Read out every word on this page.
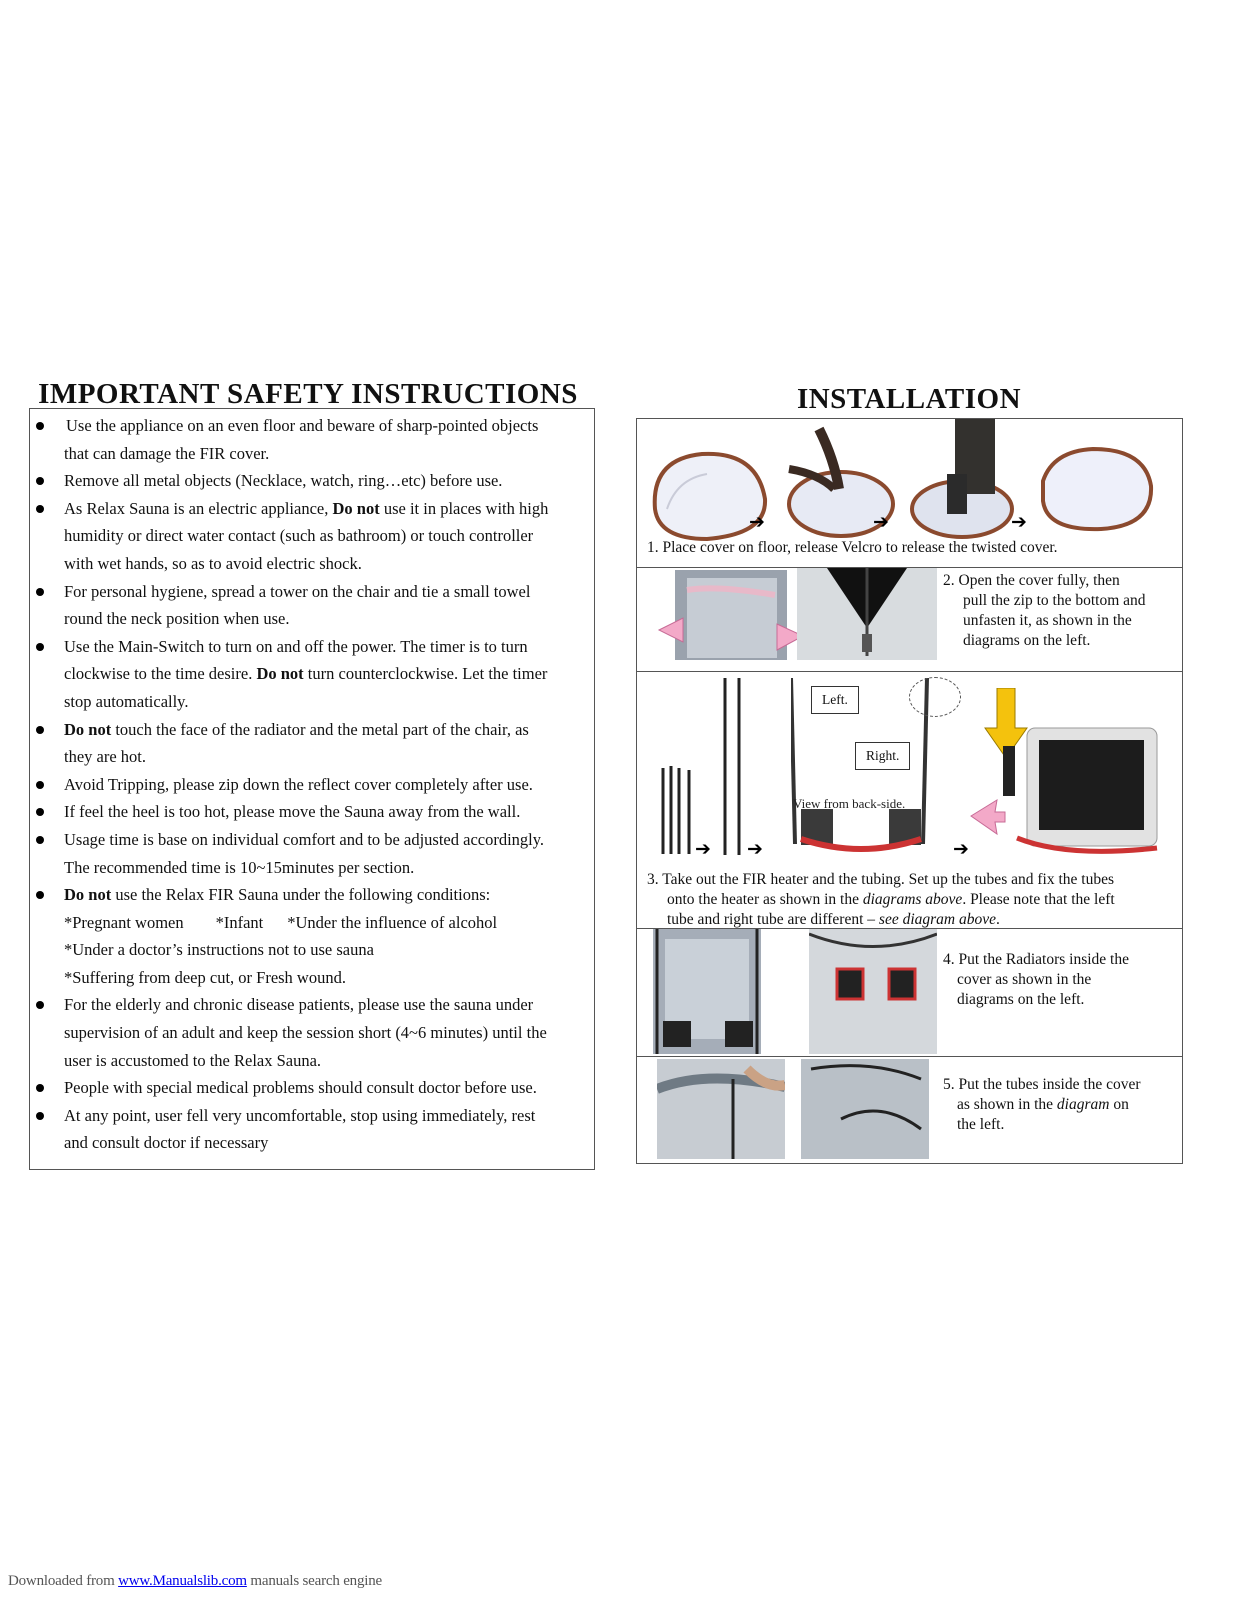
IMPORTANT SAFETY INSTRUCTIONS
Use the appliance on an even floor and beware of sharp-pointed objects
that can damage the FIR cover.
Remove all metal objects (Necklace, watch, ring…etc) before use.
As Relax Sauna is an electric appliance, Do not use it in places with high
humidity or direct water contact (such as bathroom) or touch controller
with wet hands, so as to avoid electric shock.
For personal hygiene, spread a tower on the chair and tie a small towel
round the neck position when use.
Use the Main-Switch to turn on and off the power. The timer is to turn
clockwise to the time desire. Do not turn counterclockwise. Let the timer
stop automatically.
Do not touch the face of the radiator and the metal part of the chair, as
they are hot.
Avoid Tripping, please zip down the reflect cover completely after use.
If feel the heel is too hot, please move the Sauna away from the wall.
Usage time is base on individual comfort and to be adjusted accordingly.
The recommended time is 10~15minutes per section.
Do not use the Relax FIR Sauna under the following conditions:
*Pregnant women *Infant *Under the influence of alcohol
*Under a doctor’s instructions not to use sauna
*Suffering from deep cut, or Fresh wound.
For the elderly and chronic disease patients, please use the sauna under
supervision of an adult and keep the session short (4~6 minutes) until the
user is accustomed to the Relax Sauna.
People with special medical problems should consult doctor before use.
At any point, user fell very uncomfortable, stop using immediately, rest
and consult doctor if necessary
INSTALLATION
➔	➔	➔
1. Place cover on floor, release Velcro to release the twisted cover.
2. Open the cover fully, then
pull the zip to the bottom and
unfasten it, as shown in the
diagrams on the left.
➔ ➔
Left.
Right.
View from back-side.
➔
3. Take out the FIR heater and the tubing. Set up the tubes and fix the tubes
onto the heater as shown in the diagrams above. Please note that the left
tube and right tube are different – see diagram above.
4. Put the Radiators inside the
cover as shown in the
diagrams on the left.
5. Put the tubes inside the cover
as shown in the diagram on
the left.
Downloaded from www.Manualslib.com manuals search engine
